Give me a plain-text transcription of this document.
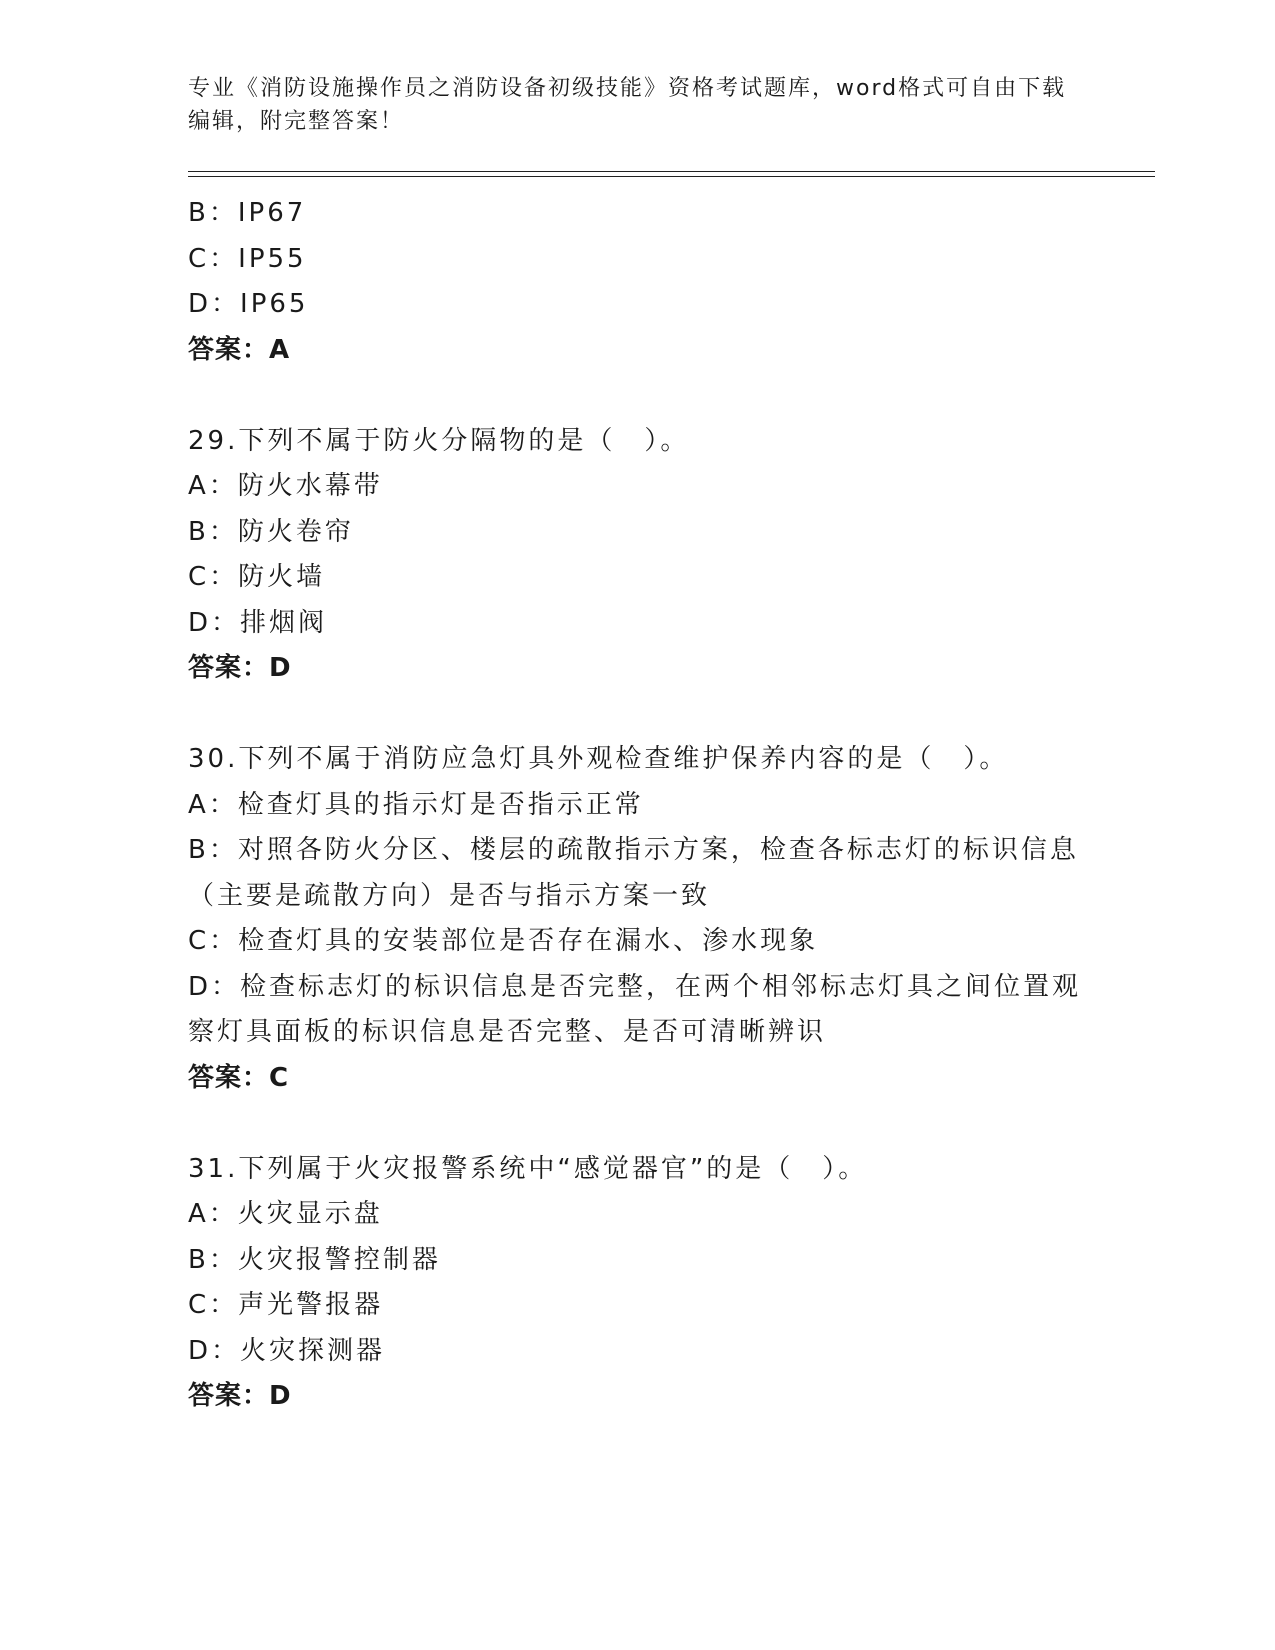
专业《消防设施操作员之消防设备初级技能》资格考试题库，word格式可自由下载编辑，附完整答案！
B：IP67
C：IP55
D：IP65
答案：A
29.下列不属于防火分隔物的是（　）。
A：防火水幕带
B：防火卷帘
C：防火墙
D：排烟阀
答案：D
30.下列不属于消防应急灯具外观检查维护保养内容的是（　）。
A：检查灯具的指示灯是否指示正常
B：对照各防火分区、楼层的疏散指示方案，检查各标志灯的标识信息（主要是疏散方向）是否与指示方案一致
C：检查灯具的安装部位是否存在漏水、渗水现象
D：检查标志灯的标识信息是否完整，在两个相邻标志灯具之间位置观察灯具面板的标识信息是否完整、是否可清晰辨识
答案：C
31.下列属于火灾报警系统中“感觉器官”的是（　）。
A：火灾显示盘
B：火灾报警控制器
C：声光警报器
D：火灾探测器
答案：D
